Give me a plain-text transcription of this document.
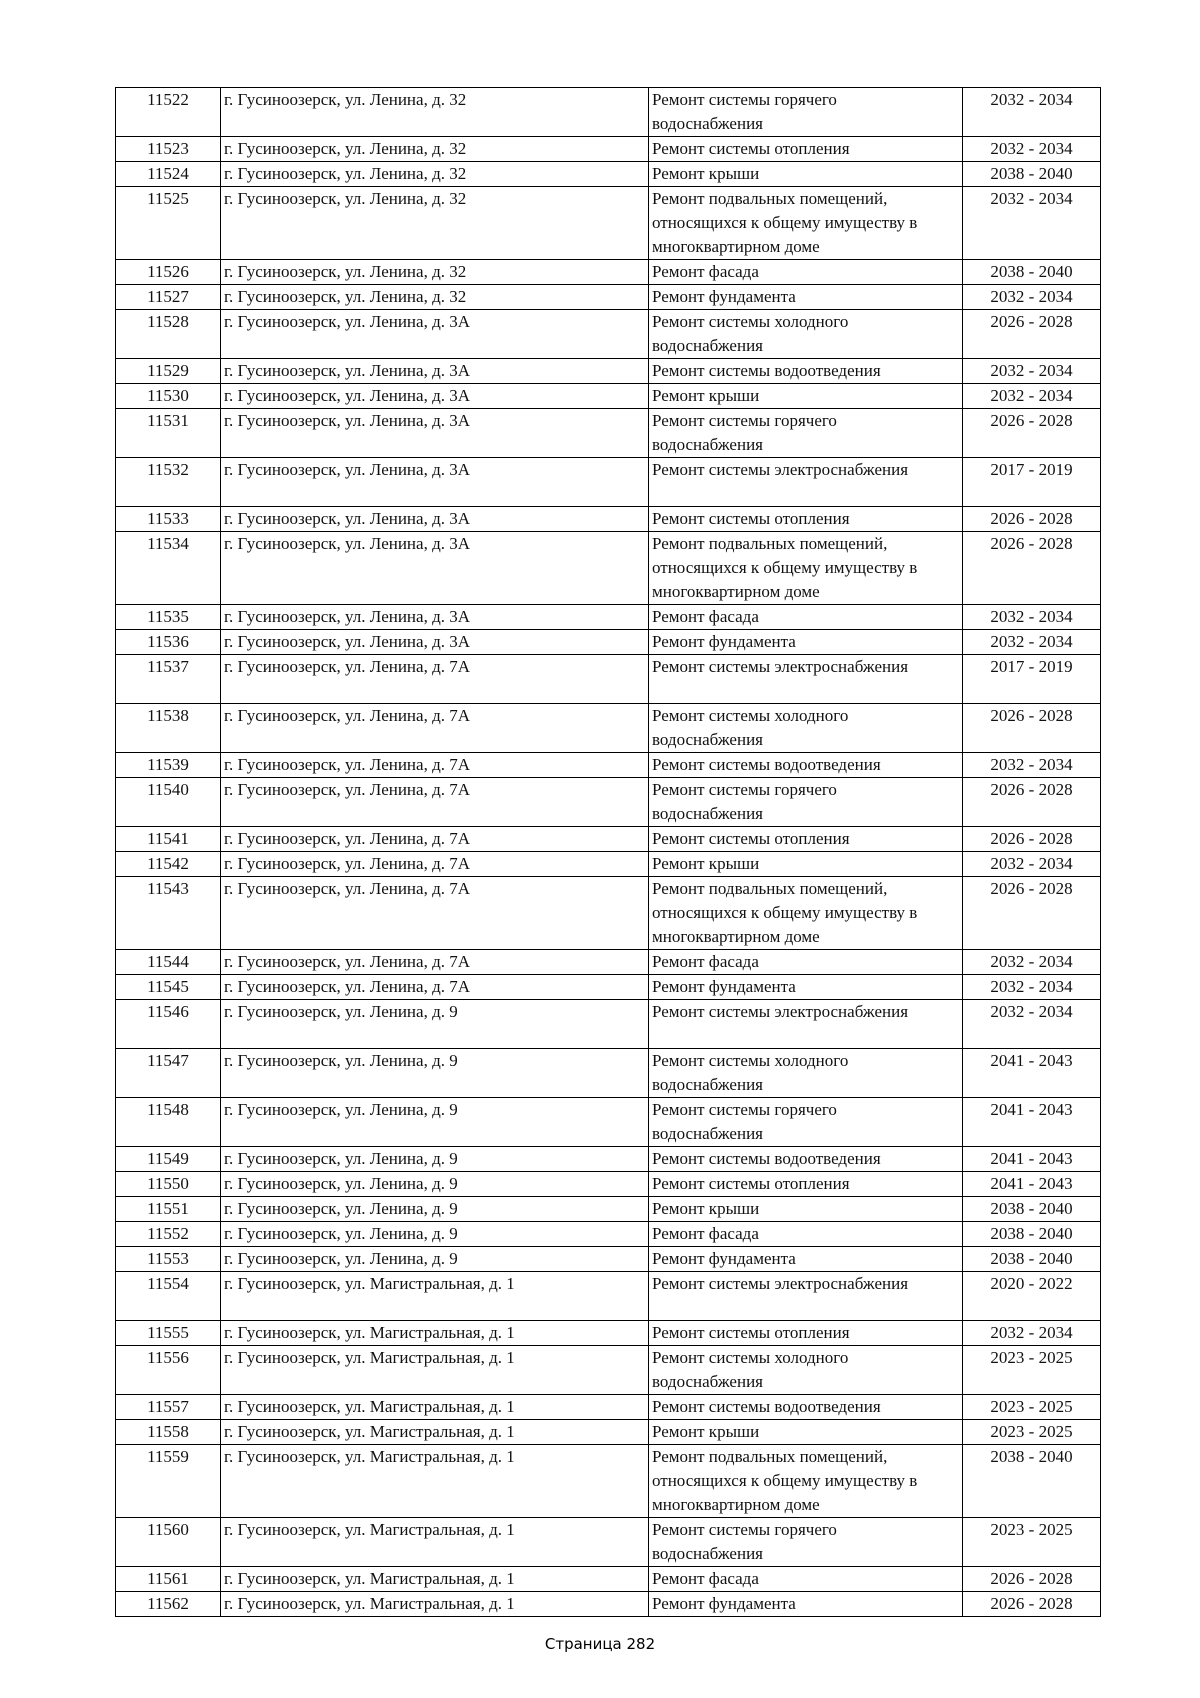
11522	г. Гусиноозерск, ул. Ленина, д. 32	Ремонт системы горячего
водоснабжения	2032 - 2034
11523	г. Гусиноозерск, ул. Ленина, д. 32	Ремонт системы отопления	2032 - 2034
11524	г. Гусиноозерск, ул. Ленина, д. 32	Ремонт крыши	2038 - 2040
11525	г. Гусиноозерск, ул. Ленина, д. 32	Ремонт подвальных помещений,
относящихся к общему имуществу в
многоквартирном доме	2032 - 2034
11526	г. Гусиноозерск, ул. Ленина, д. 32	Ремонт фасада	2038 - 2040
11527	г. Гусиноозерск, ул. Ленина, д. 32	Ремонт фундамента	2032 - 2034
11528	г. Гусиноозерск, ул. Ленина, д. 3А	Ремонт системы холодного
водоснабжения	2026 - 2028
11529	г. Гусиноозерск, ул. Ленина, д. 3А	Ремонт системы водоотведения	2032 - 2034
11530	г. Гусиноозерск, ул. Ленина, д. 3А	Ремонт крыши	2032 - 2034
11531	г. Гусиноозерск, ул. Ленина, д. 3А	Ремонт системы горячего
водоснабжения	2026 - 2028
11532	г. Гусиноозерск, ул. Ленина, д. 3А	Ремонт системы электроснабжения	2017 - 2019
11533	г. Гусиноозерск, ул. Ленина, д. 3А	Ремонт системы отопления	2026 - 2028
11534	г. Гусиноозерск, ул. Ленина, д. 3А	Ремонт подвальных помещений,
относящихся к общему имуществу в
многоквартирном доме	2026 - 2028
11535	г. Гусиноозерск, ул. Ленина, д. 3А	Ремонт фасада	2032 - 2034
11536	г. Гусиноозерск, ул. Ленина, д. 3А	Ремонт фундамента	2032 - 2034
11537	г. Гусиноозерск, ул. Ленина, д. 7А	Ремонт системы электроснабжения	2017 - 2019
11538	г. Гусиноозерск, ул. Ленина, д. 7А	Ремонт системы холодного
водоснабжения	2026 - 2028
11539	г. Гусиноозерск, ул. Ленина, д. 7А	Ремонт системы водоотведения	2032 - 2034
11540	г. Гусиноозерск, ул. Ленина, д. 7А	Ремонт системы горячего
водоснабжения	2026 - 2028
11541	г. Гусиноозерск, ул. Ленина, д. 7А	Ремонт системы отопления	2026 - 2028
11542	г. Гусиноозерск, ул. Ленина, д. 7А	Ремонт крыши	2032 - 2034
11543	г. Гусиноозерск, ул. Ленина, д. 7А	Ремонт подвальных помещений,
относящихся к общему имуществу в
многоквартирном доме	2026 - 2028
11544	г. Гусиноозерск, ул. Ленина, д. 7А	Ремонт фасада	2032 - 2034
11545	г. Гусиноозерск, ул. Ленина, д. 7А	Ремонт фундамента	2032 - 2034
11546	г. Гусиноозерск, ул. Ленина, д. 9	Ремонт системы электроснабжения	2032 - 2034
11547	г. Гусиноозерск, ул. Ленина, д. 9	Ремонт системы холодного
водоснабжения	2041 - 2043
11548	г. Гусиноозерск, ул. Ленина, д. 9	Ремонт системы горячего
водоснабжения	2041 - 2043
11549	г. Гусиноозерск, ул. Ленина, д. 9	Ремонт системы водоотведения	2041 - 2043
11550	г. Гусиноозерск, ул. Ленина, д. 9	Ремонт системы отопления	2041 - 2043
11551	г. Гусиноозерск, ул. Ленина, д. 9	Ремонт крыши	2038 - 2040
11552	г. Гусиноозерск, ул. Ленина, д. 9	Ремонт фасада	2038 - 2040
11553	г. Гусиноозерск, ул. Ленина, д. 9	Ремонт фундамента	2038 - 2040
11554	г. Гусиноозерск, ул. Магистральная, д. 1	Ремонт системы электроснабжения	2020 - 2022
11555	г. Гусиноозерск, ул. Магистральная, д. 1	Ремонт системы отопления	2032 - 2034
11556	г. Гусиноозерск, ул. Магистральная, д. 1	Ремонт системы холодного
водоснабжения	2023 - 2025
11557	г. Гусиноозерск, ул. Магистральная, д. 1	Ремонт системы водоотведения	2023 - 2025
11558	г. Гусиноозерск, ул. Магистральная, д. 1	Ремонт крыши	2023 - 2025
11559	г. Гусиноозерск, ул. Магистральная, д. 1	Ремонт подвальных помещений,
относящихся к общему имуществу в
многоквартирном доме	2038 - 2040
11560	г. Гусиноозерск, ул. Магистральная, д. 1	Ремонт системы горячего
водоснабжения	2023 - 2025
11561	г. Гусиноозерск, ул. Магистральная, д. 1	Ремонт фасада	2026 - 2028
11562	г. Гусиноозерск, ул. Магистральная, д. 1	Ремонт фундамента	2026 - 2028
Страница 282
